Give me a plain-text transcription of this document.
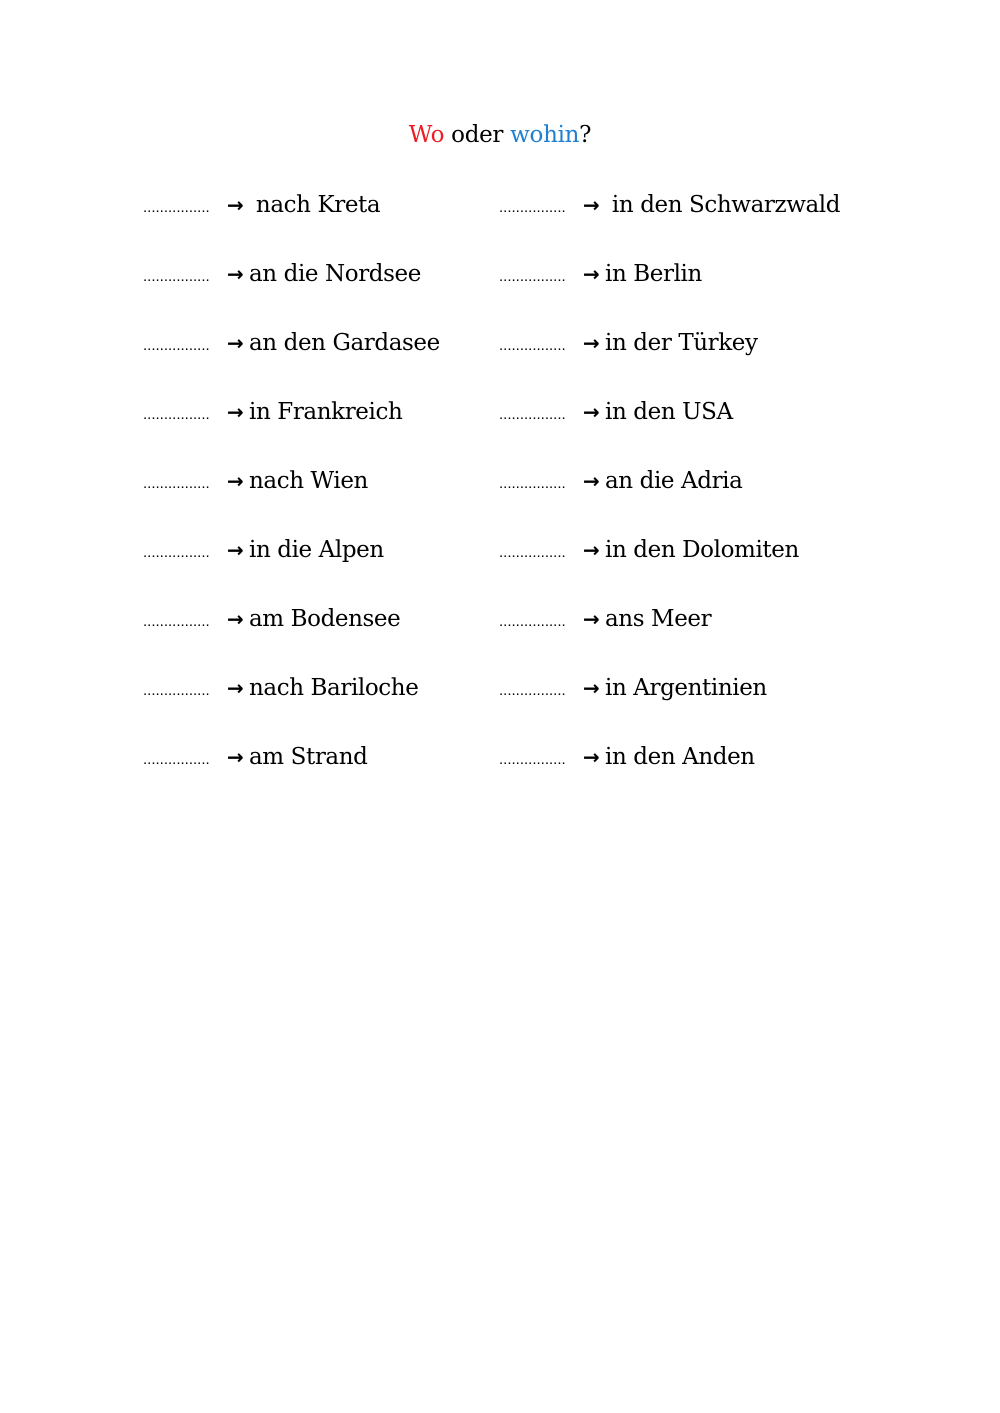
Wo oder wohin?
................ → nach Kreta	................ → in den Schwarzwald
................ → an die Nordsee	................ → in Berlin
................ → an den Gardasee	................ → in der Türkey
................ → in Frankreich	................ → in den USA
................ → nach Wien	................ → an die Adria
................ → in die Alpen	................ → in den Dolomiten
................ → am Bodensee	................ → ans Meer
................ → nach Bariloche	................ → in Argentinien
................ → am Strand	................ → in den Anden
